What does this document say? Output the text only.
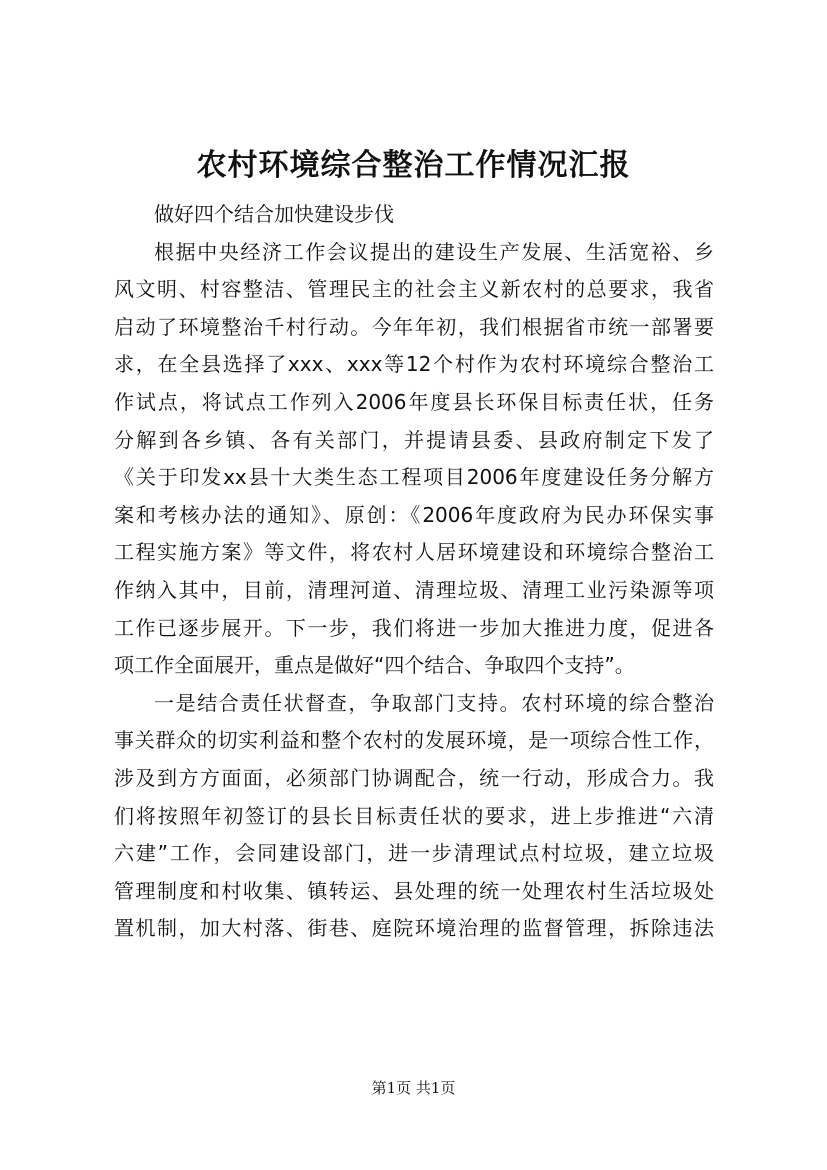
农村环境综合整治工作情况汇报
做好四个结合加快建设步伐
根据中央经济工作会议提出的建设生产发展、生活宽裕、乡
风文明、村容整洁、管理民主的社会主义新农村的总要求，我省
启动了环境整治千村行动。今年年初，我们根据省市统一部署要
求，在全县选择了xxx、xxx等12个村作为农村环境综合整治工
作试点，将试点工作列入2006年度县长环保目标责任状，任务
分解到各乡镇、各有关部门，并提请县委、县政府制定下发了
《关于印发xx县十大类生态工程项目2006年度建设任务分解方
案和考核办法的通知》、原创：《2006年度政府为民办环保实事
工程实施方案》等文件，将农村人居环境建设和环境综合整治工
作纳入其中，目前，清理河道、清理垃圾、清理工业污染源等项
工作已逐步展开。下一步，我们将进一步加大推进力度，促进各
项工作全面展开，重点是做好“四个结合、争取四个支持”。
一是结合责任状督查，争取部门支持。农村环境的综合整治
事关群众的切实利益和整个农村的发展环境，是一项综合性工作，
涉及到方方面面，必须部门协调配合，统一行动，形成合力。我
们将按照年初签订的县长目标责任状的要求，进上步推进“六清
六建”工作，会同建设部门，进一步清理试点村垃圾，建立垃圾
管理制度和村收集、镇转运、县处理的统一处理农村生活垃圾处
置机制，加大村落、街巷、庭院环境治理的监督管理，拆除违法
第1页 共1页
